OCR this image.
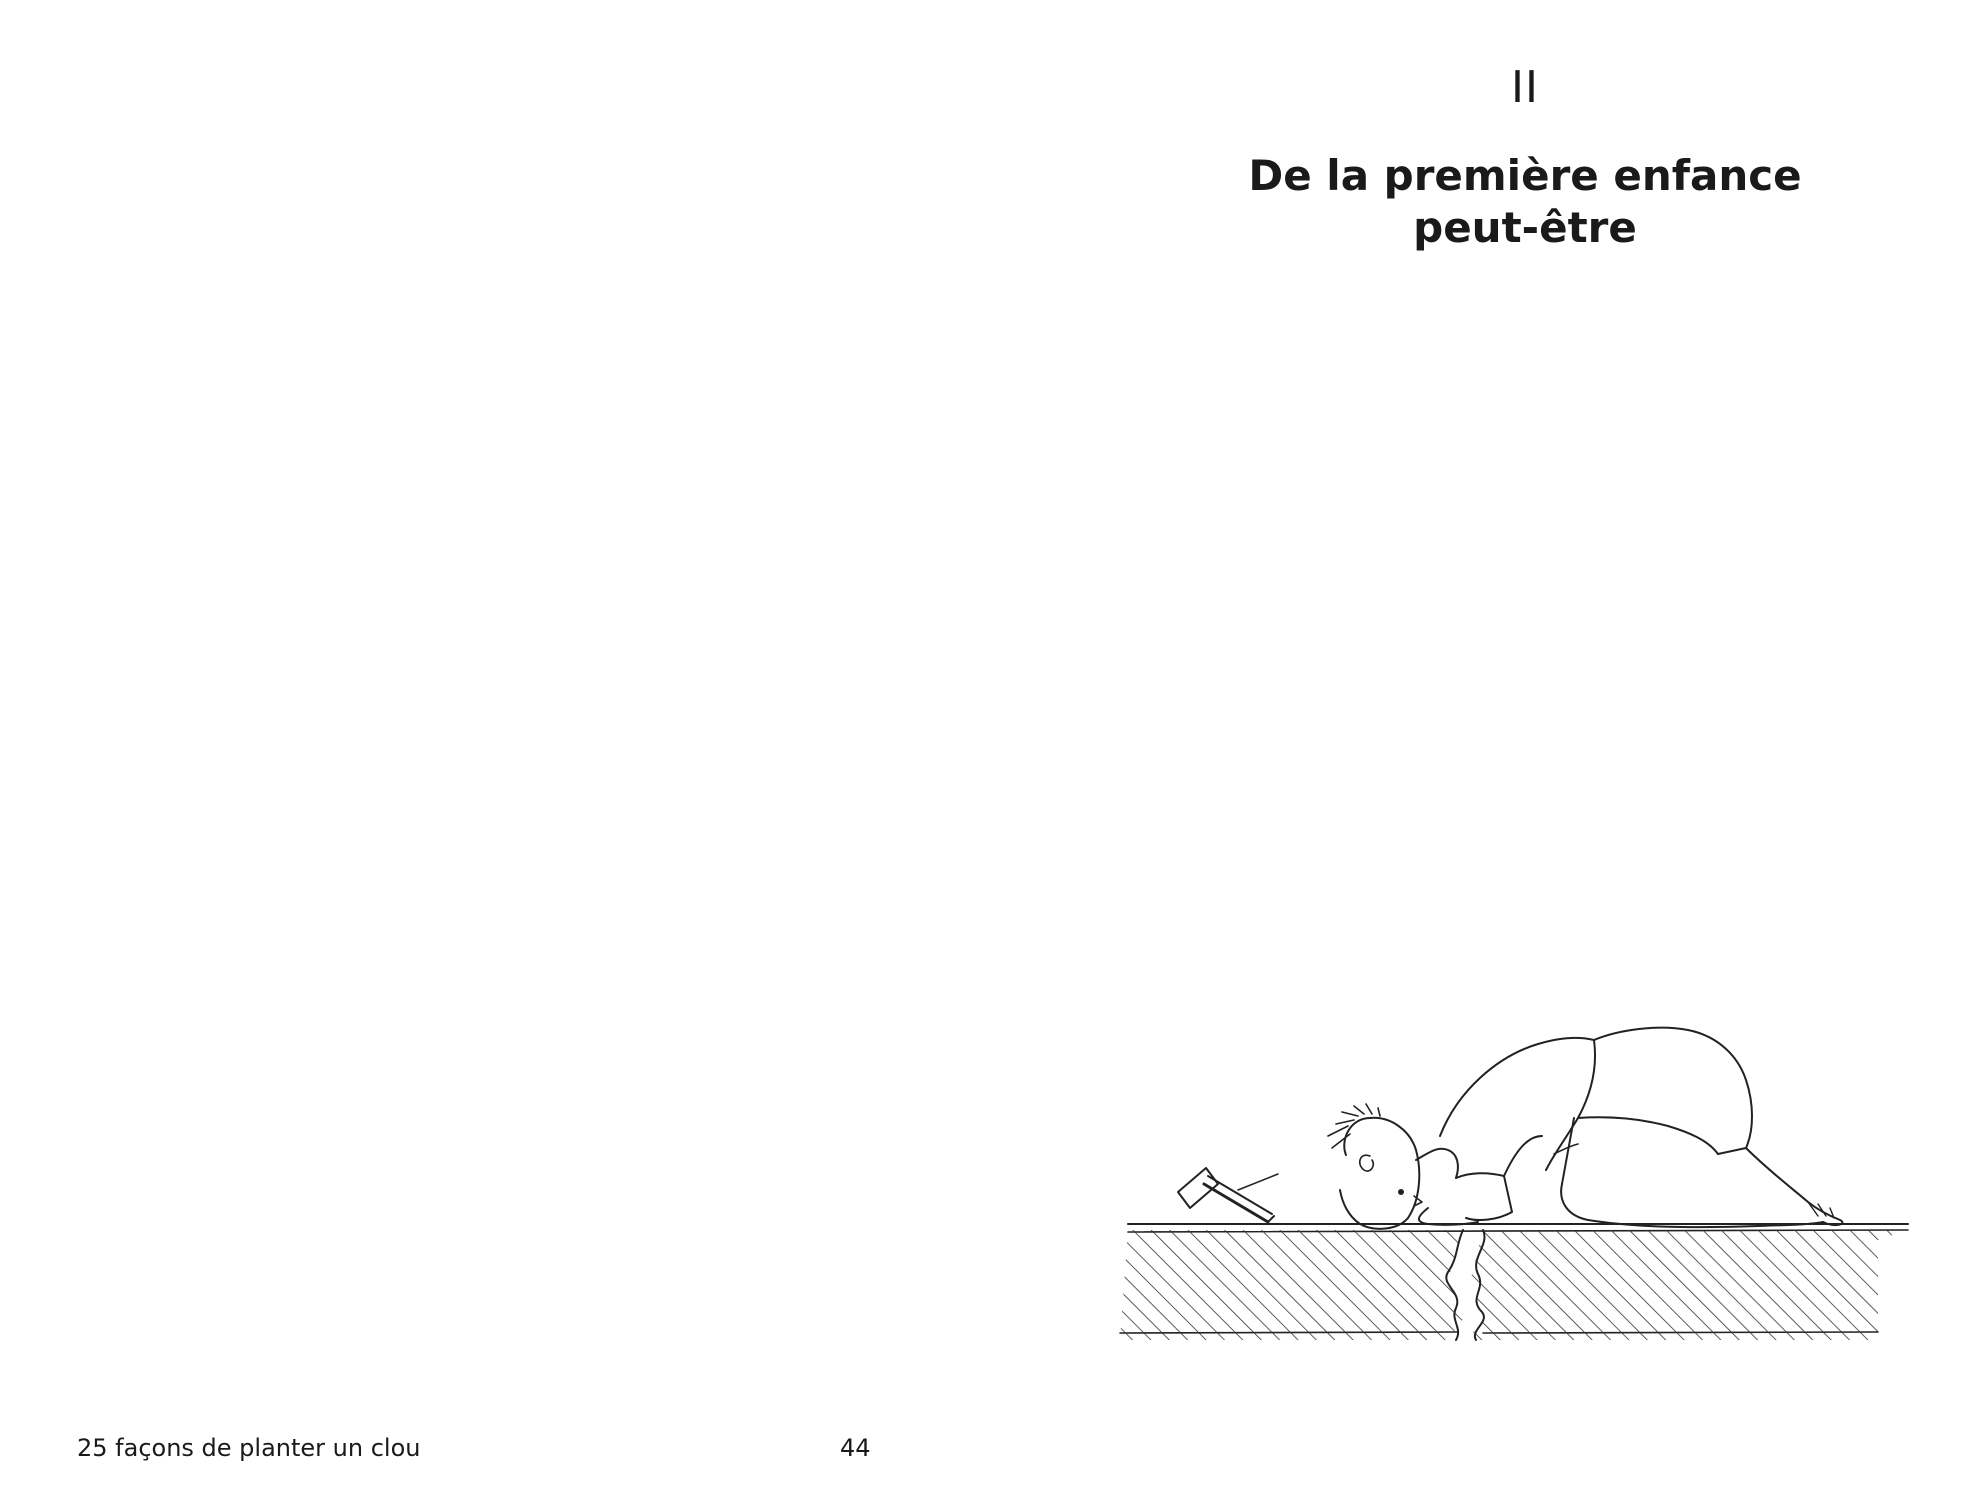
II

De la première enfance
peut-être
25 façons de planter un clou	44
